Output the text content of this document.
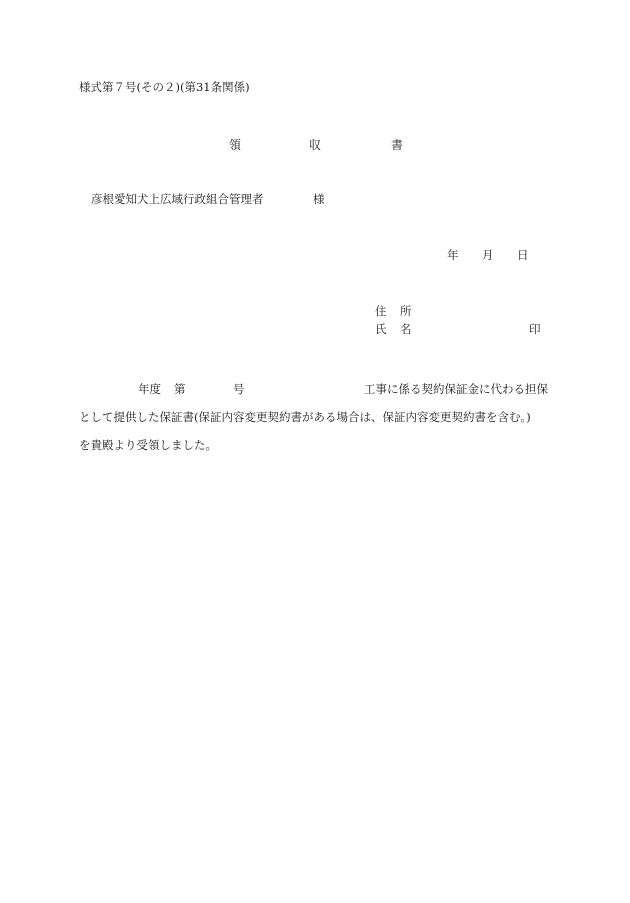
様式第７号(その２)(第31条関係)
領	収	書
彦根愛知犬上広域行政組合管理者	様
年 月 日
住 所
氏 名	印
年度 第	号	工事に係る契約保証金に代わる担保
として提供した保証書(保証内容変更契約書がある場合は、保証内容変更契約書を含む。)
を貴殿より受領しました。
